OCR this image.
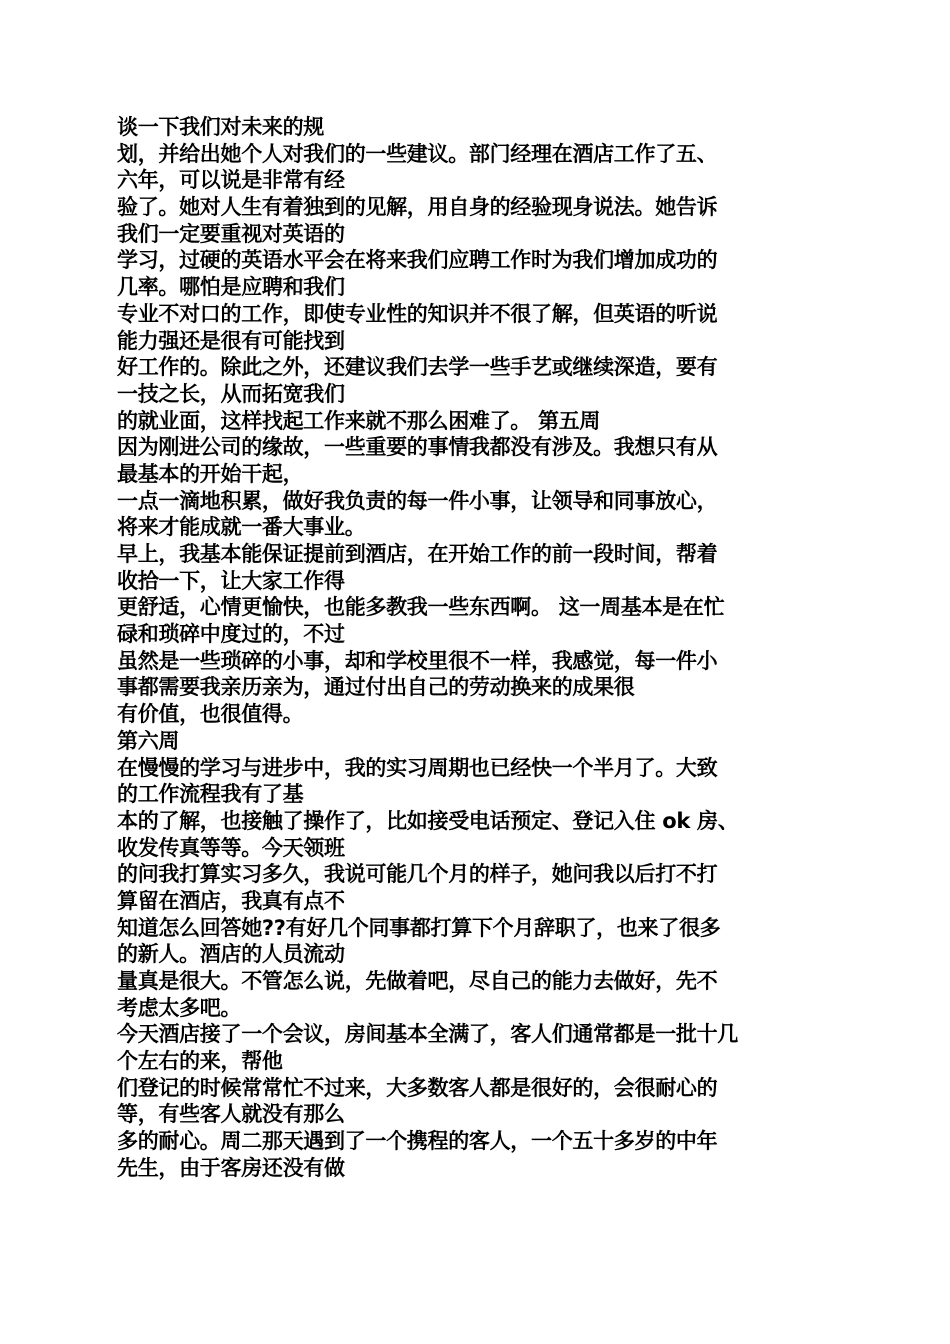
谈一下我们对未来的规
划，并给出她个人对我们的一些建议。部门经理在酒店工作了五、
六年，可以说是非常有经
验了。她对人生有着独到的见解，用自身的经验现身说法。她告诉
我们一定要重视对英语的
学习，过硬的英语水平会在将来我们应聘工作时为我们增加成功的
几率。哪怕是应聘和我们
专业不对口的工作，即使专业性的知识并不很了解，但英语的听说
能力强还是很有可能找到
好工作的。除此之外，还建议我们去学一些手艺或继续深造，要有
一技之长，从而拓宽我们
的就业面，这样找起工作来就不那么困难了。 第五周
因为刚进公司的缘故，一些重要的事情我都没有涉及。我想只有从
最基本的开始干起，
一点一滴地积累，做好我负责的每一件小事，让领导和同事放心，
将来才能成就一番大事业。
早上，我基本能保证提前到酒店，在开始工作的前一段时间，帮着
收拾一下，让大家工作得
更舒适，心情更愉快，也能多教我一些东西啊。 这一周基本是在忙
碌和琐碎中度过的，不过
虽然是一些琐碎的小事，却和学校里很不一样，我感觉，每一件小
事都需要我亲历亲为，通过付出自己的劳动换来的成果很
有价值，也很值得。
第六周
在慢慢的学习与进步中，我的实习周期也已经快一个半月了。大致
的工作流程我有了基
本的了解，也接触了操作了，比如接受电话预定、登记入住 ok 房、
收发传真等等。今天领班
的问我打算实习多久，我说可能几个月的样子，她问我以后打不打
算留在酒店，我真有点不
知道怎么回答她??有好几个同事都打算下个月辞职了，也来了很多
的新人。酒店的人员流动
量真是很大。不管怎么说，先做着吧，尽自己的能力去做好，先不
考虑太多吧。
今天酒店接了一个会议，房间基本全满了，客人们通常都是一批十几
个左右的来，帮他
们登记的时候常常忙不过来，大多数客人都是很好的，会很耐心的
等，有些客人就没有那么
多的耐心。周二那天遇到了一个携程的客人，一个五十多岁的中年
先生，由于客房还没有做
